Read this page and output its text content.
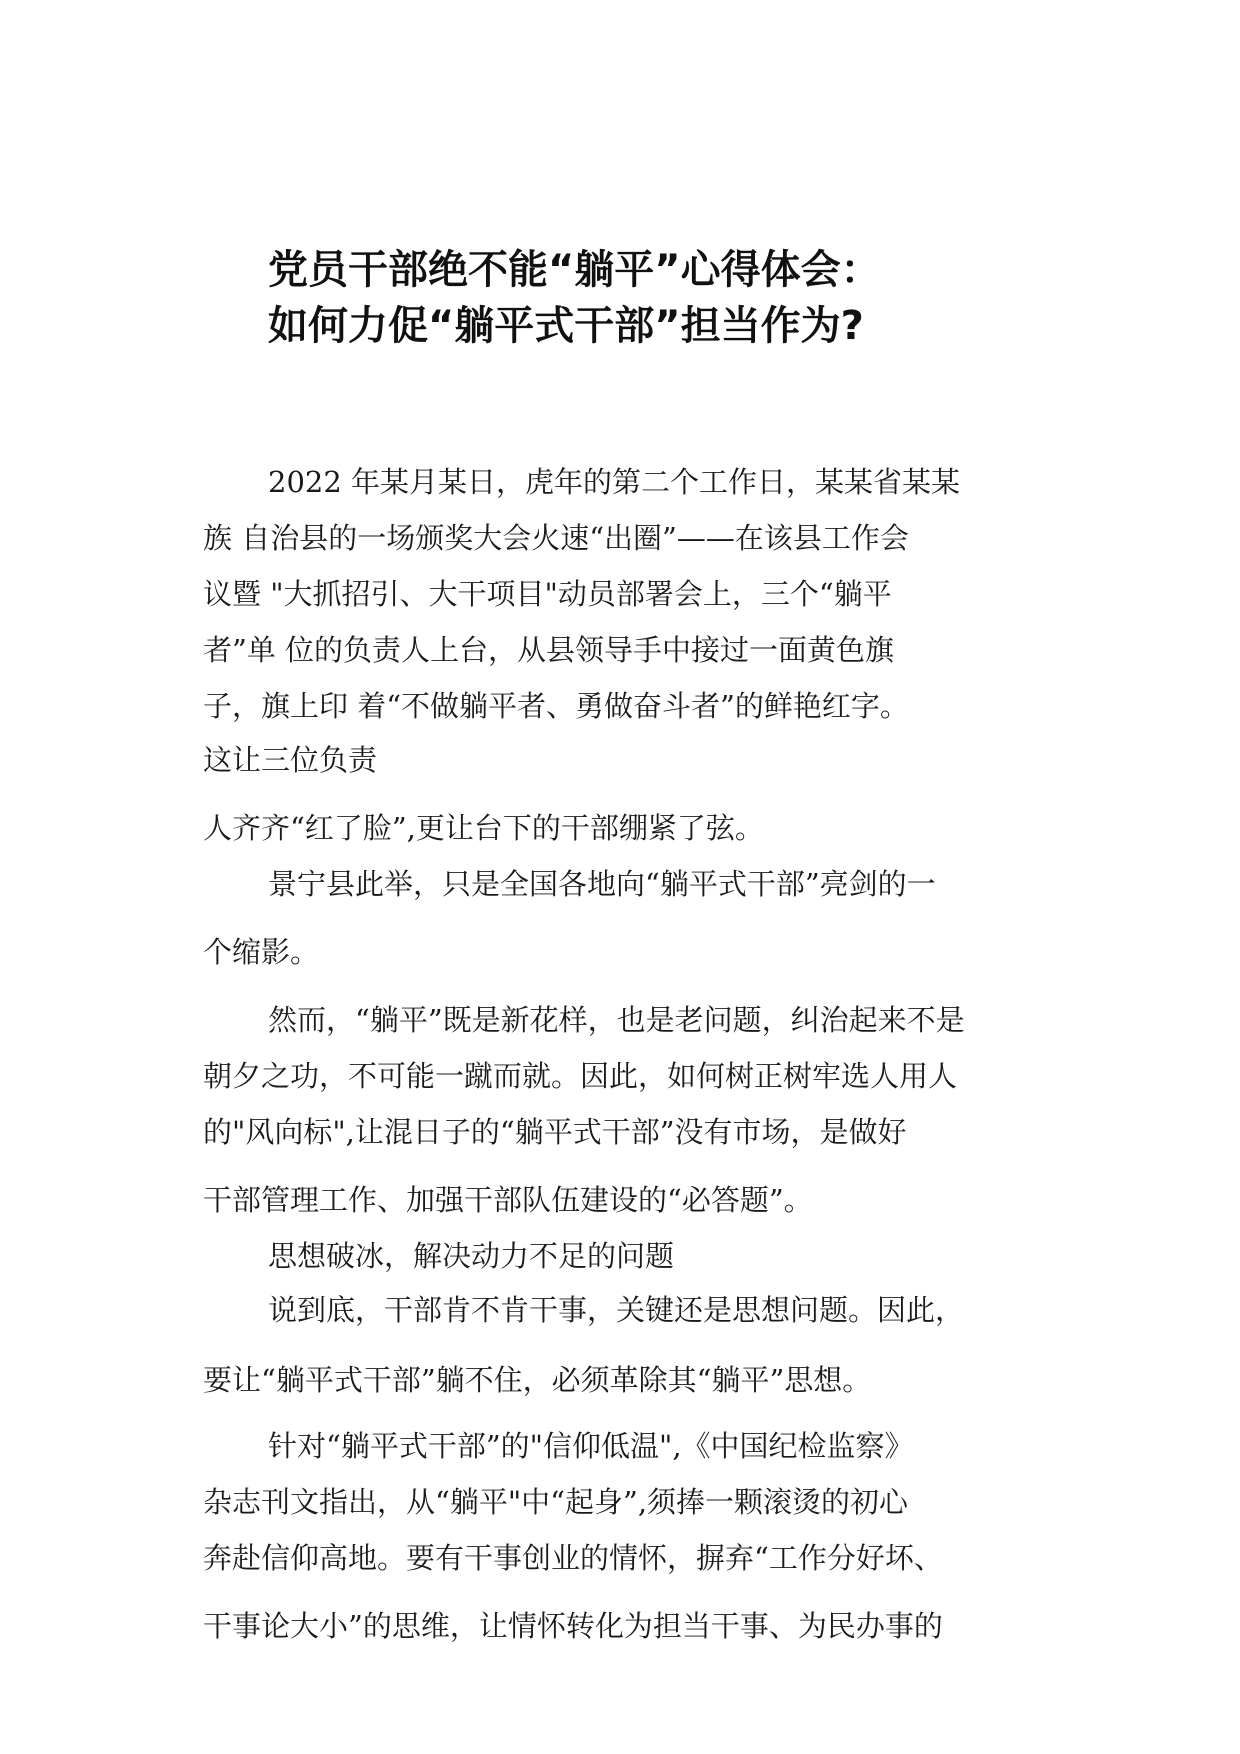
党员干部绝不能“躺平”心得体会：
如何力促“躺平式干部”担当作为?
2022 年某月某日，虎年的第二个工作日，某某省某某
族 自治县的一场颁奖大会火速“出圈”——在该县工作会
议暨 "大抓招引、大干项目"动员部署会上，三个“躺平
者”单 位的负责人上台，从县领导手中接过一面黄色旗
子，旗上印 着“不做躺平者、勇做奋斗者”的鲜艳红字。
这让三位负责
人齐齐“红了脸”,更让台下的干部绷紧了弦。
景宁县此举，只是全国各地向“躺平式干部”亮剑的一
个缩影。
然而，“躺平”既是新花样，也是老问题，纠治起来不是
朝夕之功，不可能一蹴而就。因此，如何树正树牢选人用人
的"风向标",让混日子的“躺平式干部”没有市场，是做好
干部管理工作、加强干部队伍建设的“必答题”。
思想破冰，解决动力不足的问题
说到底，干部肯不肯干事，关键还是思想问题。因此，
要让“躺平式干部”躺不住，必须革除其“躺平”思想。
针对“躺平式干部”的"信仰低温",《中国纪检监察》
杂志刊文指出，从“躺平"中“起身”,须捧一颗滚烫的初心
奔赴信仰高地。要有干事创业的情怀，摒弃“工作分好坏、
干事论大小”的思维，让情怀转化为担当干事、为民办事的
